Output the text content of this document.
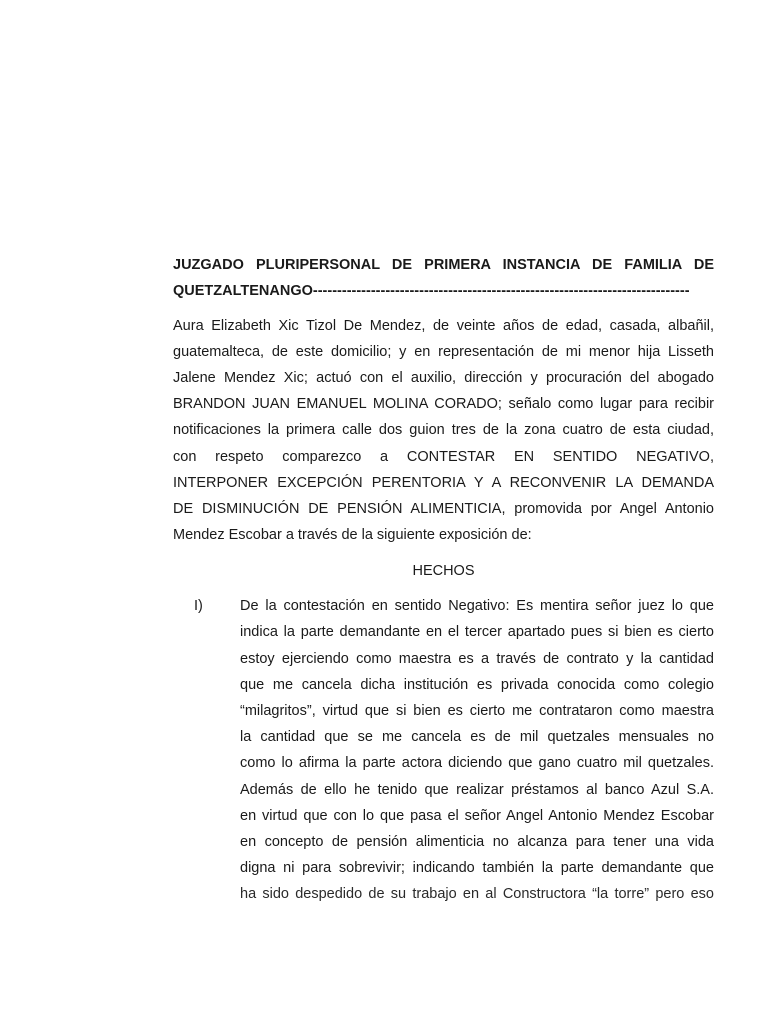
JUZGADO PLURIPERSONAL DE PRIMERA INSTANCIA DE FAMILIA DE
QUETZALTENANGO------------------------------------------------------------------------------
Aura Elizabeth Xic Tizol De Mendez, de veinte años de edad, casada, albañil,
guatemalteca, de este domicilio; y en representación de mi menor hija Lisseth
Jalene Mendez Xic; actuó con el auxilio, dirección y procuración del abogado
BRANDON JUAN EMANUEL MOLINA CORADO; señalo como lugar para recibir
notificaciones la primera calle dos guion tres de la zona cuatro de esta ciudad,
con respeto comparezco a CONTESTAR EN SENTIDO NEGATIVO,
INTERPONER EXCEPCIÓN PERENTORIA Y A RECONVENIR LA DEMANDA
DE DISMINUCIÓN DE PENSIÓN ALIMENTICIA, promovida por Angel Antonio
Mendez Escobar a través de la siguiente exposición de:
HECHOS
I)	De la contestación en sentido Negativo: Es mentira señor juez lo que
indica la parte demandante en el tercer apartado pues si bien es cierto
estoy ejerciendo como maestra es a través de contrato y la cantidad
que me cancela dicha institución es privada conocida como colegio
“milagritos”, virtud que si bien es cierto me contrataron como maestra
la cantidad que se me cancela es de mil quetzales mensuales no
como lo afirma la parte actora diciendo que gano cuatro mil quetzales.
Además de ello he tenido que realizar préstamos al banco Azul S.A.
en virtud que con lo que pasa el señor Angel Antonio Mendez Escobar
en concepto de pensión alimenticia no alcanza para tener una vida
digna ni para sobrevivir; indicando también la parte demandante que
ha sido despedido de su trabajo en al Constructora “la torre” pero eso
